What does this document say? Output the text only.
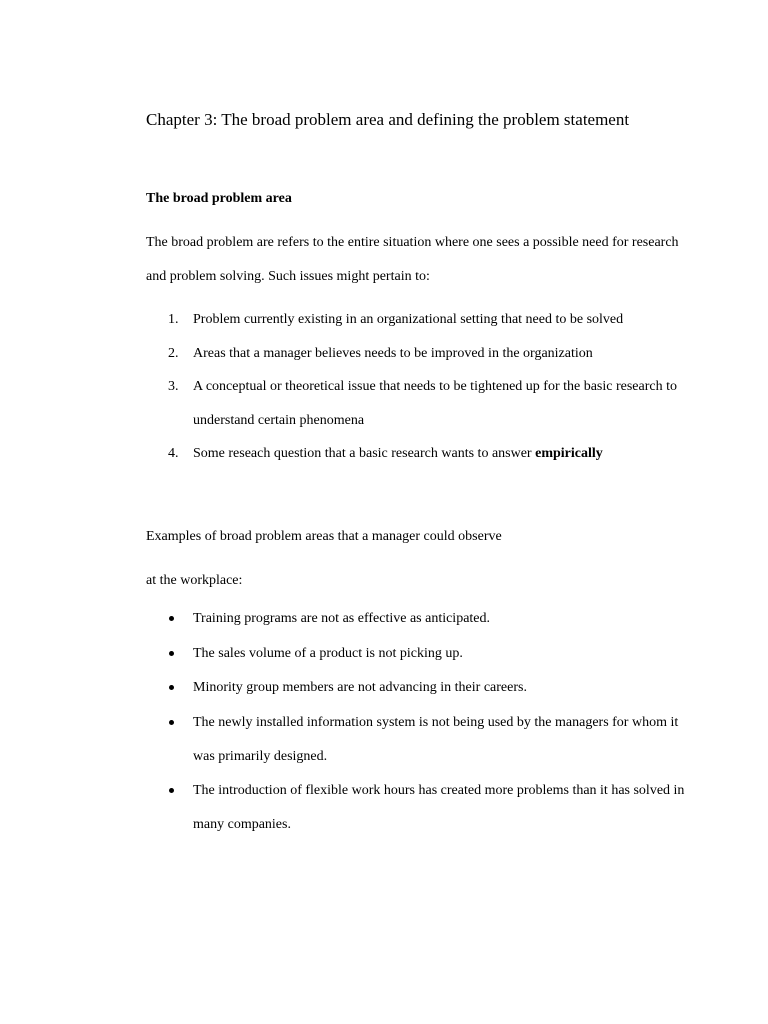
Chapter 3: The broad problem area and defining the problem statement
The broad problem area

The broad problem are refers to the entire situation where one sees a possible need for research and problem solving. Such issues might pertain to:

1. Problem currently existing in an organizational setting that need to be solved
2. Areas that a manager believes needs to be improved in the organization
3. A conceptual or theoretical issue that needs to be tightened up for the basic research to understand certain phenomena
4. Some reseach question that a basic research wants to answer empirically

Examples of broad problem areas that a manager could observe at the workplace:

Training programs are not as effective as anticipated.
The sales volume of a product is not picking up.
Minority group members are not advancing in their careers.
The newly installed information system is not being used by the managers for whom it was primarily designed.
The introduction of flexible work hours has created more problems than it has solved in many companies.
